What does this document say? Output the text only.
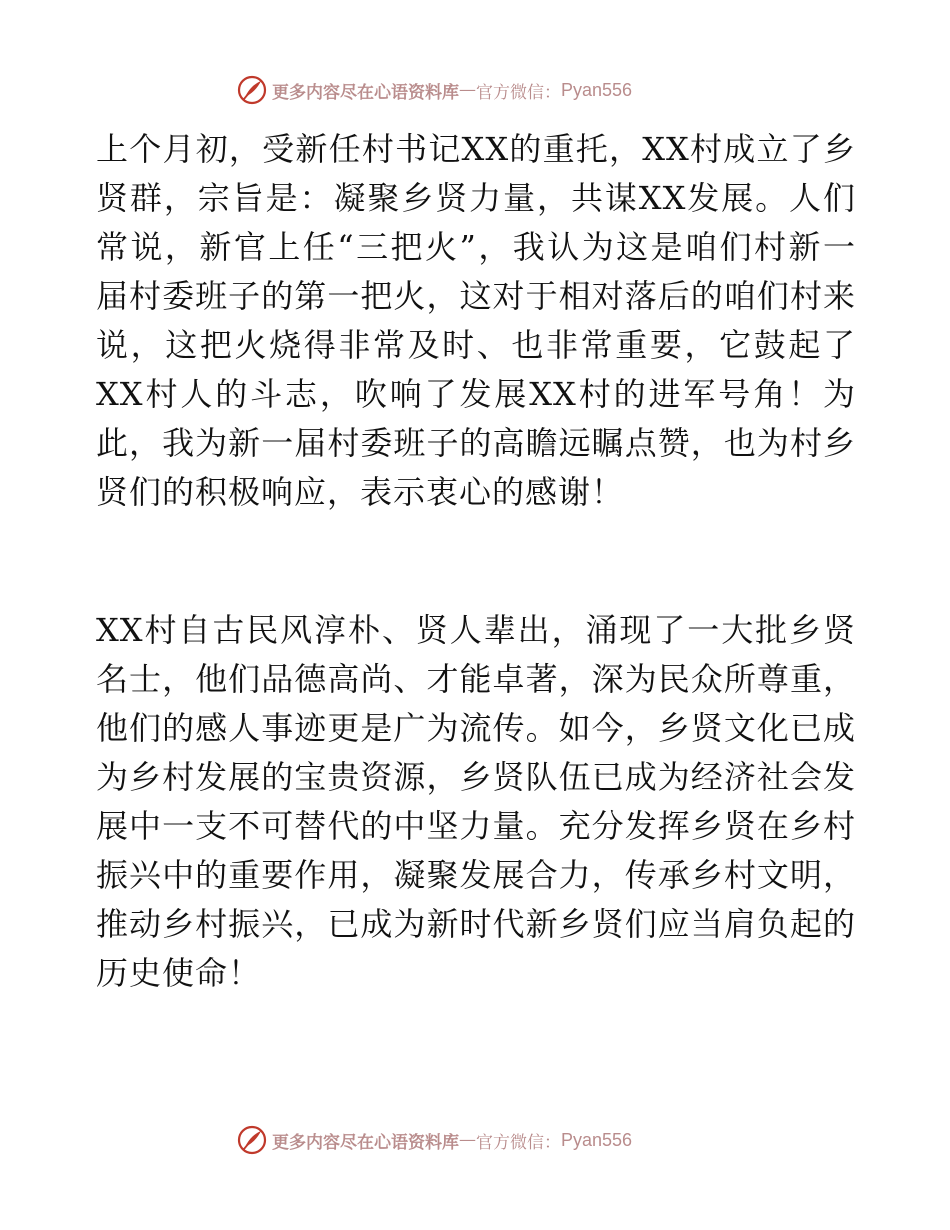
更多内容尽在心语资料库 — 官方微信： Pyan556

上个月初，受新任村书记XX的重托，XX村成立了乡贤群，宗旨是：凝聚乡贤力量，共谋XX发展。人们常说，新官上任“三把火”，我认为这是咱们村新一届村委班子的第一把火，这对于相对落后的咱们村来说，这把火烧得非常及时、也非常重要，它鼓起了XX村人的斗志，吹响了发展XX村的进军号角！为此，我为新一届村委班子的高瞻远瞩点赞，也为村乡贤们的积极响应，表示衷心的感谢！

XX村自古民风淳朴、贤人辈出，涌现了一大批乡贤名士，他们品德高尚、才能卓著，深为民众所尊重，他们的感人事迹更是广为流传。如今，乡贤文化已成为乡村发展的宝贵资源，乡贤队伍已成为经济社会发展中一支不可替代的中坚力量。充分发挥乡贤在乡村振兴中的重要作用，凝聚发展合力，传承乡村文明，推动乡村振兴，已成为新时代新乡贤们应当肩负起的历史使命！

更多内容尽在心语资料库 — 官方微信： Pyan556
